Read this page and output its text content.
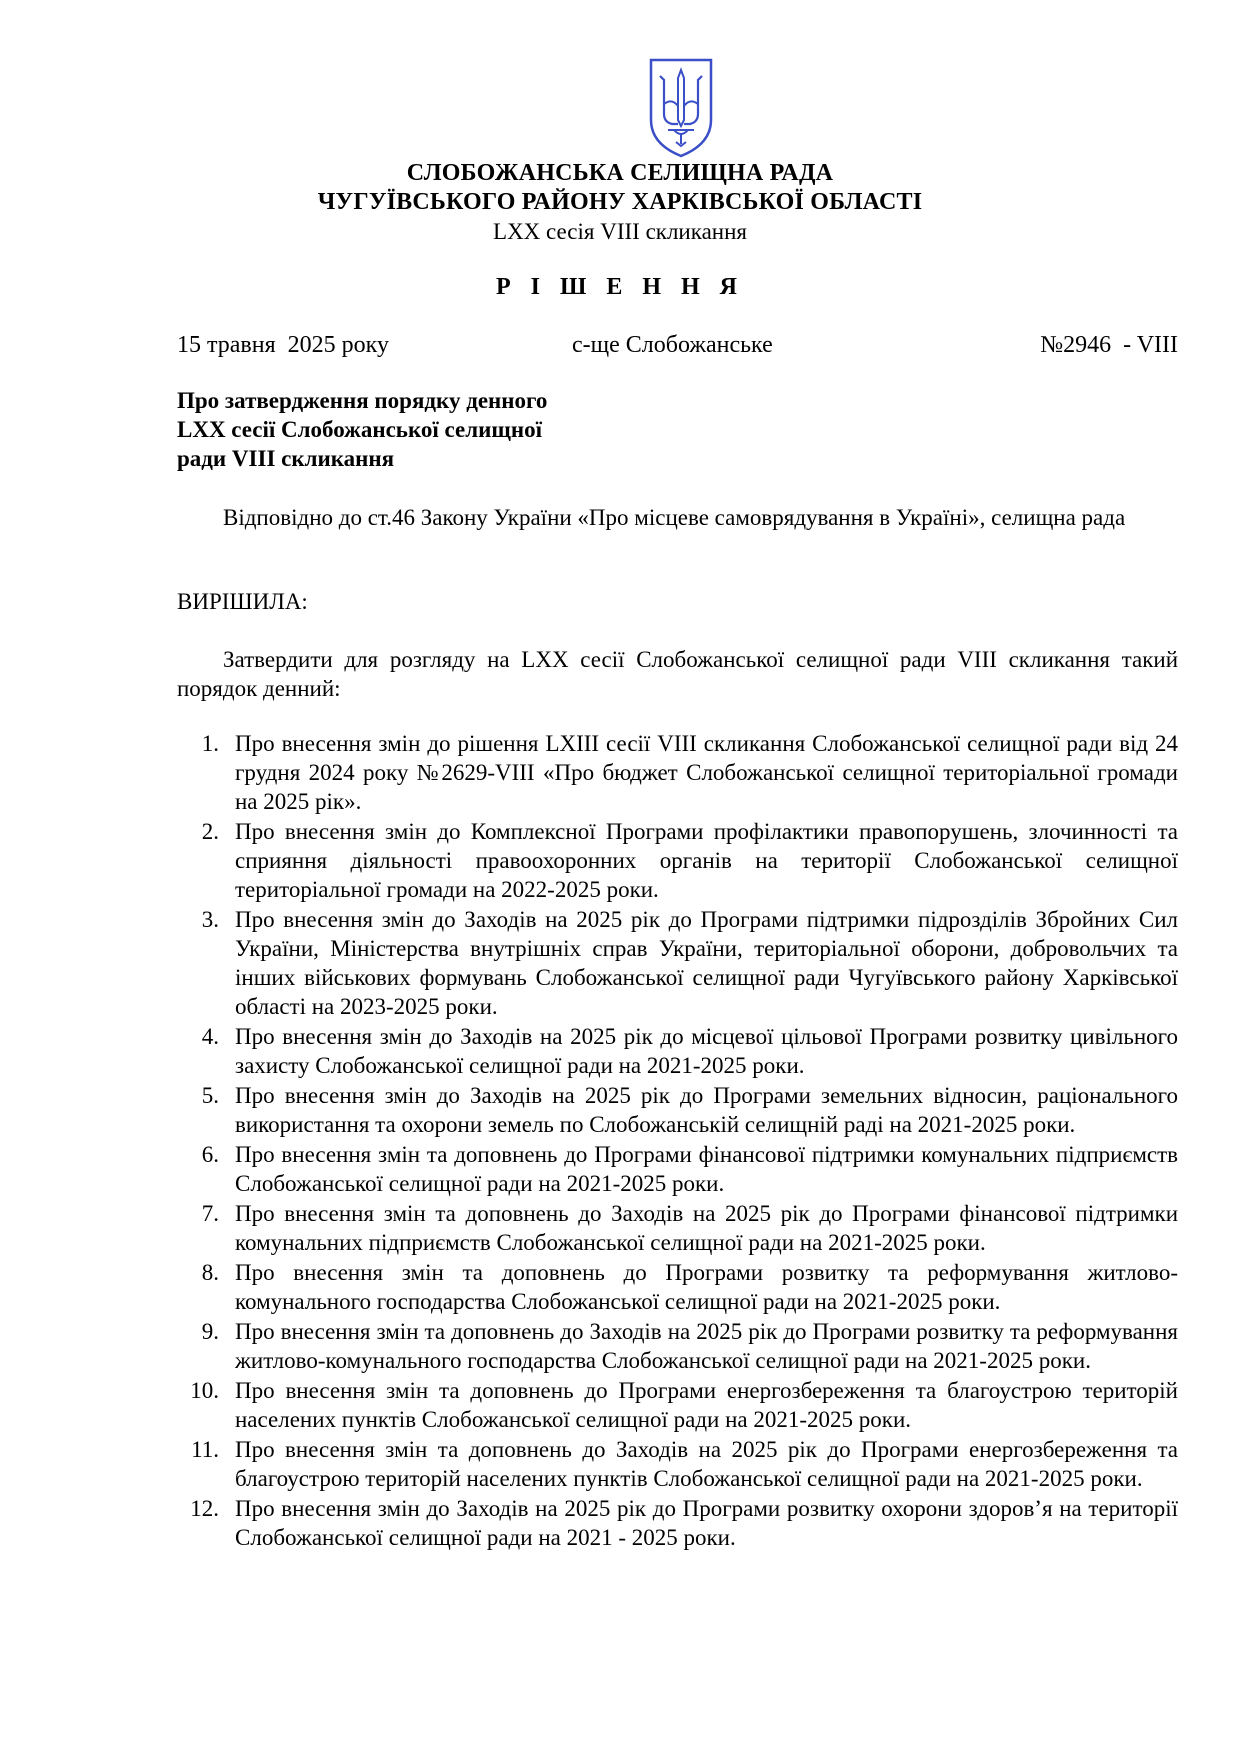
СЛОБОЖАНСЬКА СЕЛИЩНА РАДА
ЧУГУЇВСЬКОГО РАЙОНУ ХАРКІВСЬКОЇ ОБЛАСТІ
LXX сесія VIII скликання
Р І Ш Е Н Н Я
15 травня  2025 року	с-ще Слобожанське	№2946  - VIII
Про затвердження порядку денного
LXX сесії Слобожанської селищної
ради VIII скликання
Відповідно до ст.46 Закону України «Про місцеве самоврядування в Україні», селищна рада
ВИРІШИЛА:
Затвердити для розгляду на LXX сесії Слобожанської селищної ради VIII скликання такий порядок денний:
1. Про внесення змін до рішення LXIII сесії VIII скликання Слобожанської селищної ради від 24 грудня 2024 року №2629-VIII «Про бюджет Слобожанської селищної територіальної громади на 2025 рік».
2. Про внесення змін до Комплексної Програми профілактики правопорушень, злочинності та сприяння діяльності правоохоронних органів на території Слобожанської селищної територіальної громади на 2022-2025 роки.
3. Про внесення змін до Заходів на 2025 рік до Програми підтримки підрозділів Збройних Сил України, Міністерства внутрішніх справ України, територіальної оборони, добровольчих та інших військових формувань Слобожанської селищної ради Чугуївського району Харківської області на 2023-2025 роки.
4. Про внесення змін до Заходів на 2025 рік до місцевої цільової Програми розвитку цивільного захисту Слобожанської селищної ради на 2021-2025 роки.
5. Про внесення змін до Заходів на 2025 рік до Програми земельних відносин, раціонального використання та охорони земель по Слобожанській селищній раді на 2021-2025 роки.
6. Про внесення змін та доповнень до Програми фінансової підтримки комунальних підприємств Слобожанської селищної ради на 2021-2025 роки.
7. Про внесення змін та доповнень до Заходів на 2025 рік до Програми фінансової підтримки комунальних підприємств Слобожанської селищної ради на 2021-2025 роки.
8. Про внесення змін та доповнень до Програми розвитку та реформування житлово-комунального господарства Слобожанської селищної ради на 2021-2025 роки.
9. Про внесення змін та доповнень до Заходів на 2025 рік до Програми розвитку та реформування житлово-комунального господарства Слобожанської селищної ради на 2021-2025 роки.
10. Про внесення змін та доповнень до Програми енергозбереження та благоустрою територій населених пунктів Слобожанської селищної ради на 2021-2025 роки.
11. Про внесення змін та доповнень до Заходів на 2025 рік до Програми енергозбереження та благоустрою територій населених пунктів Слобожанської селищної ради на 2021-2025 роки.
12. Про внесення змін до Заходів на 2025 рік до Програми розвитку охорони здоров’я на території Слобожанської селищної ради на 2021 - 2025 роки.
